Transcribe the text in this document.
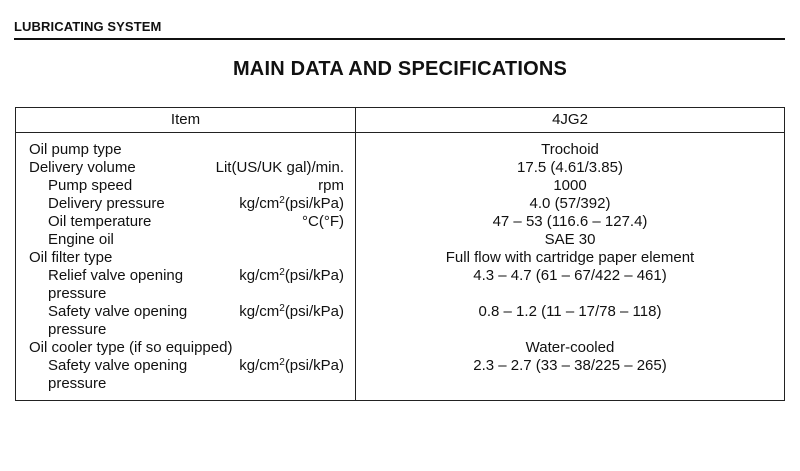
LUBRICATING SYSTEM
MAIN DATA AND SPECIFICATIONS
Item	4JG2

Oil pump type	Trochoid

Delivery volume Lit(US/UK gal)/min.	17.5 (4.61/3.85)

Pump speed rpm	1000

Delivery pressure $kg/cm^2(psi/kPa)$	4.0 (57/392)

Oil temperature °C(°F)	47 – 53 (116.6 – 127.4)

Engine oil	SAE 30

Oil filter type	Full flow with cartridge paper element

Relief valve opening pressure
$kg/cm^2(psi/kPa)$	4.3 – 4.7 (61 – 67/422 – 461)

Safety valve opening pressure
$kg/cm^2(psi/kPa)$	0.8 – 1.2 (11 – 17/78 – 118)

Oil cooler type (if so equipped)	Water-cooled

Safety valve opening pressure
$kg/cm^2(psi/kPa)$	2.3 – 2.7 (33 – 38/225 – 265)
